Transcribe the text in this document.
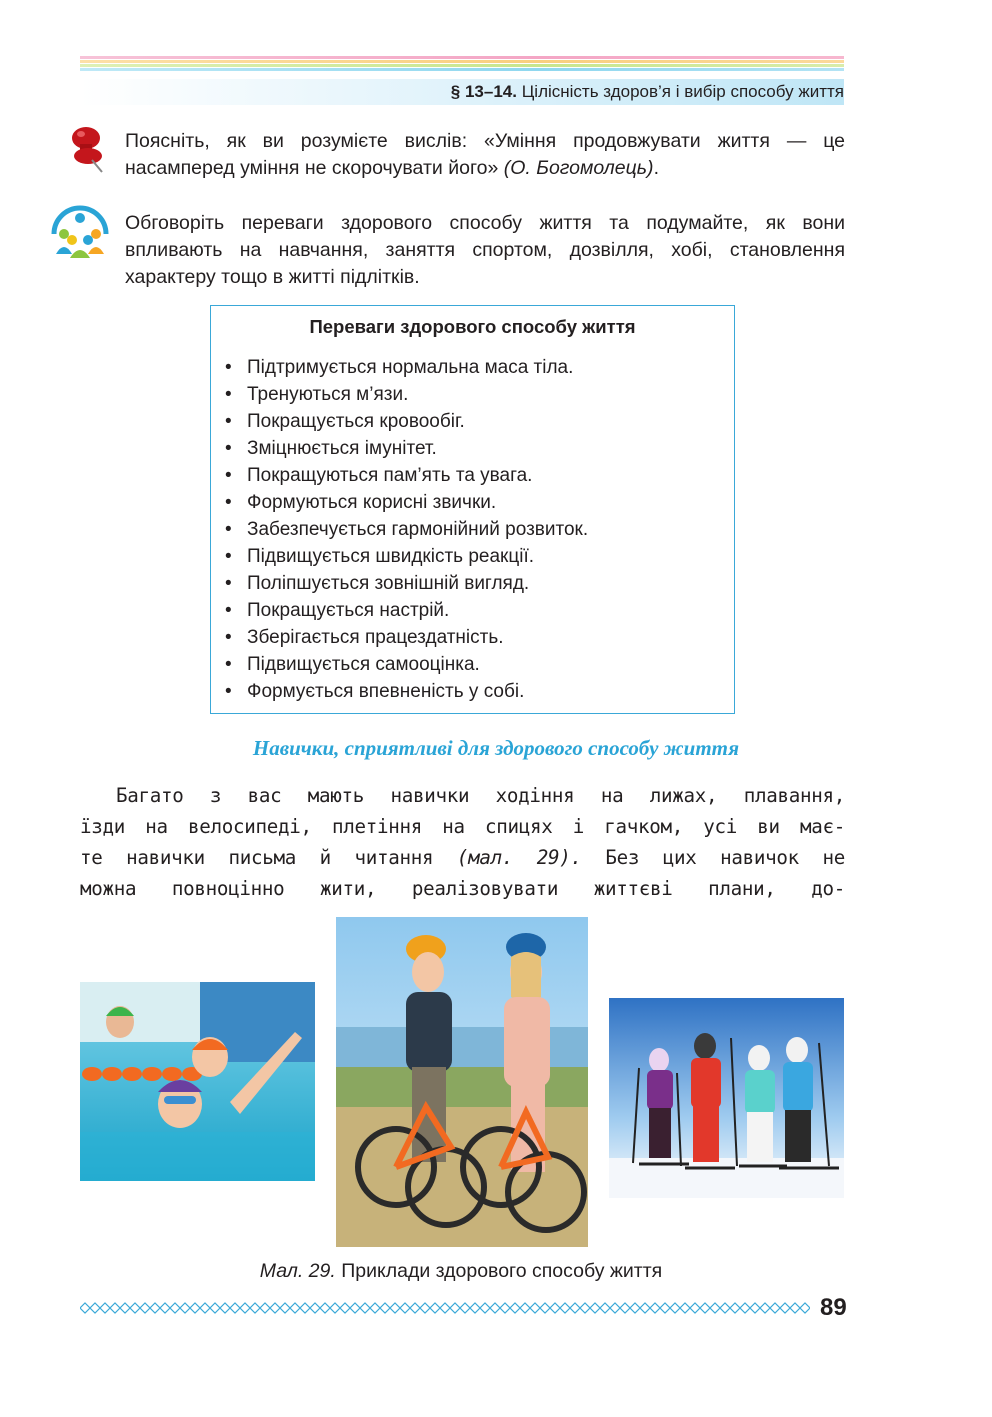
§ 13–14. Цілісність здоров’я і вибір способу життя
Поясніть, як ви розумієте вислів: «Уміння продовжувати життя — це насамперед уміння не скорочувати його» (О. Богомолець).
Обговоріть переваги здорового способу життя та подумайте, як вони впливають на навчання, заняття спортом, дозвілля, хобі, становлення характеру тощо в житті підлітків.
Переваги здорового способу життя
• Підтримується нормальна маса тіла.
• Тренуються м’язи.
• Покращується кровообіг.
• Зміцнюється імунітет.
• Покращуються пам’ять та увага.
• Формуються корисні звички.
• Забезпечується гармонійний розвиток.
• Підвищується швидкість реакції.
• Поліпшується зовнішній вигляд.
• Покращується настрій.
• Зберігається працездатність.
• Підвищується самооцінка.
• Формується впевненість у собі.
Навички, сприятливі для здорового способу життя
Багато з вас мають навички ходіння на лижах, плавання,
їзди на велосипеді, плетіння на спицях і гачком, усі ви має-
те навички письма й читання (мал. 29). Без цих навичок не
можна повноцінно жити, реалізовувати життєві плани, до-
Мал. 29. Приклади здорового способу життя
89
